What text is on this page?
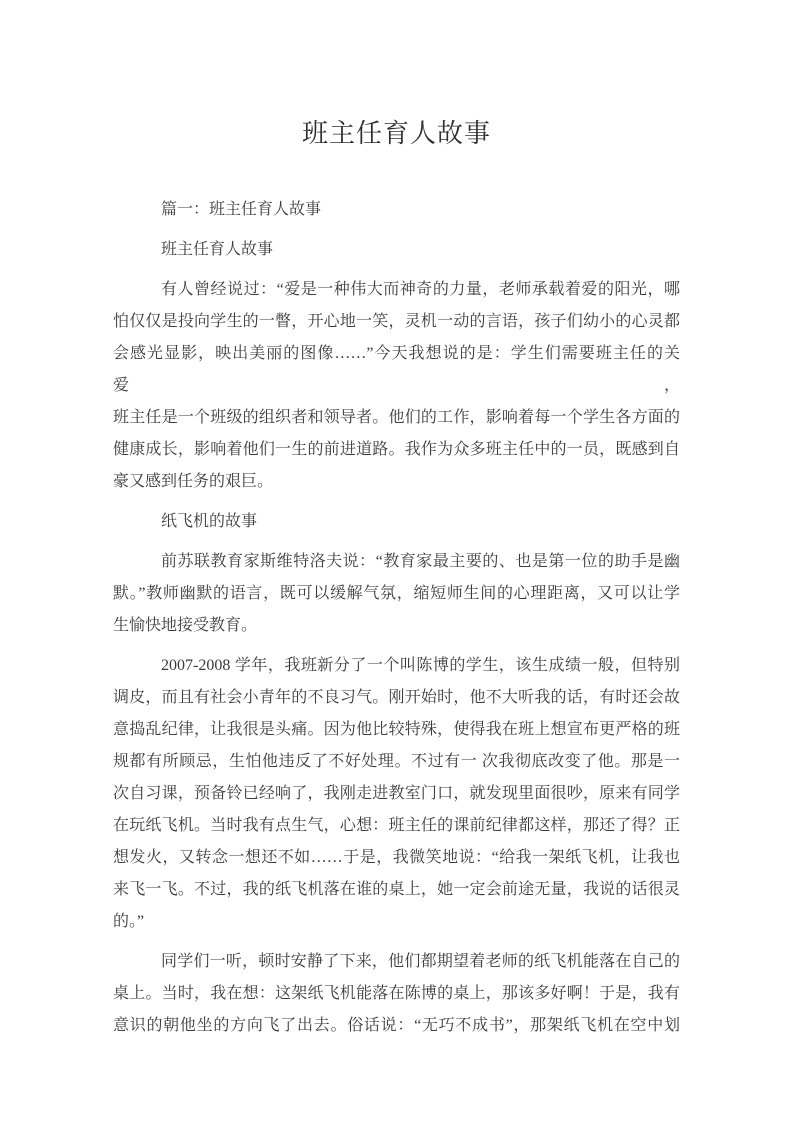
班主任育人故事
篇一：班主任育人故事
班主任育人故事
有人曾经说过：“爱是一种伟大而神奇的力量，老师承载着爱的阳光，哪
怕仅仅是投向学生的一瞥，开心地一笑，灵机一动的言语，孩子们幼小的心灵都
会感光显影，映出美丽的图像……”今天我想说的是：学生们需要班主任的关爱，
班主任是一个班级的组织者和领导者。他们的工作，影响着每一个学生各方面的
健康成长，影响着他们一生的前进道路。我作为众多班主任中的一员，既感到自
豪又感到任务的艰巨。
纸飞机的故事
前苏联教育家斯维特洛夫说：“教育家最主要的、也是第一位的助手是幽
默。”教师幽默的语言，既可以缓解气氛，缩短师生间的心理距离，又可以让学
生愉快地接受教育。
2007-2008 学年，我班新分了一个叫陈博的学生，该生成绩一般，但特别
调皮，而且有社会小青年的不良习气。刚开始时，他不大听我的话，有时还会故
意捣乱纪律，让我很是头痛。因为他比较特殊，使得我在班上想宣布更严格的班
规都有所顾忌，生怕他违反了不好处理。不过有一 次我彻底改变了他。那是一
次自习课，预备铃已经响了，我刚走进教室门口，就发现里面很吵，原来有同学
在玩纸飞机。当时我有点生气，心想：班主任的课前纪律都这样，那还了得？正
想发火，又转念一想还不如……于是，我微笑地说：“给我一架纸飞机，让我也
来飞一飞。不过，我的纸飞机落在谁的桌上，她一定会前途无量，我说的话很灵
的。”
同学们一听，顿时安静了下来，他们都期望着老师的纸飞机能落在自己的
桌上。当时，我在想：这架纸飞机能落在陈博的桌上，那该多好啊！于是，我有
意识的朝他坐的方向飞了出去。俗话说：“无巧不成书”，那架纸飞机在空中划
